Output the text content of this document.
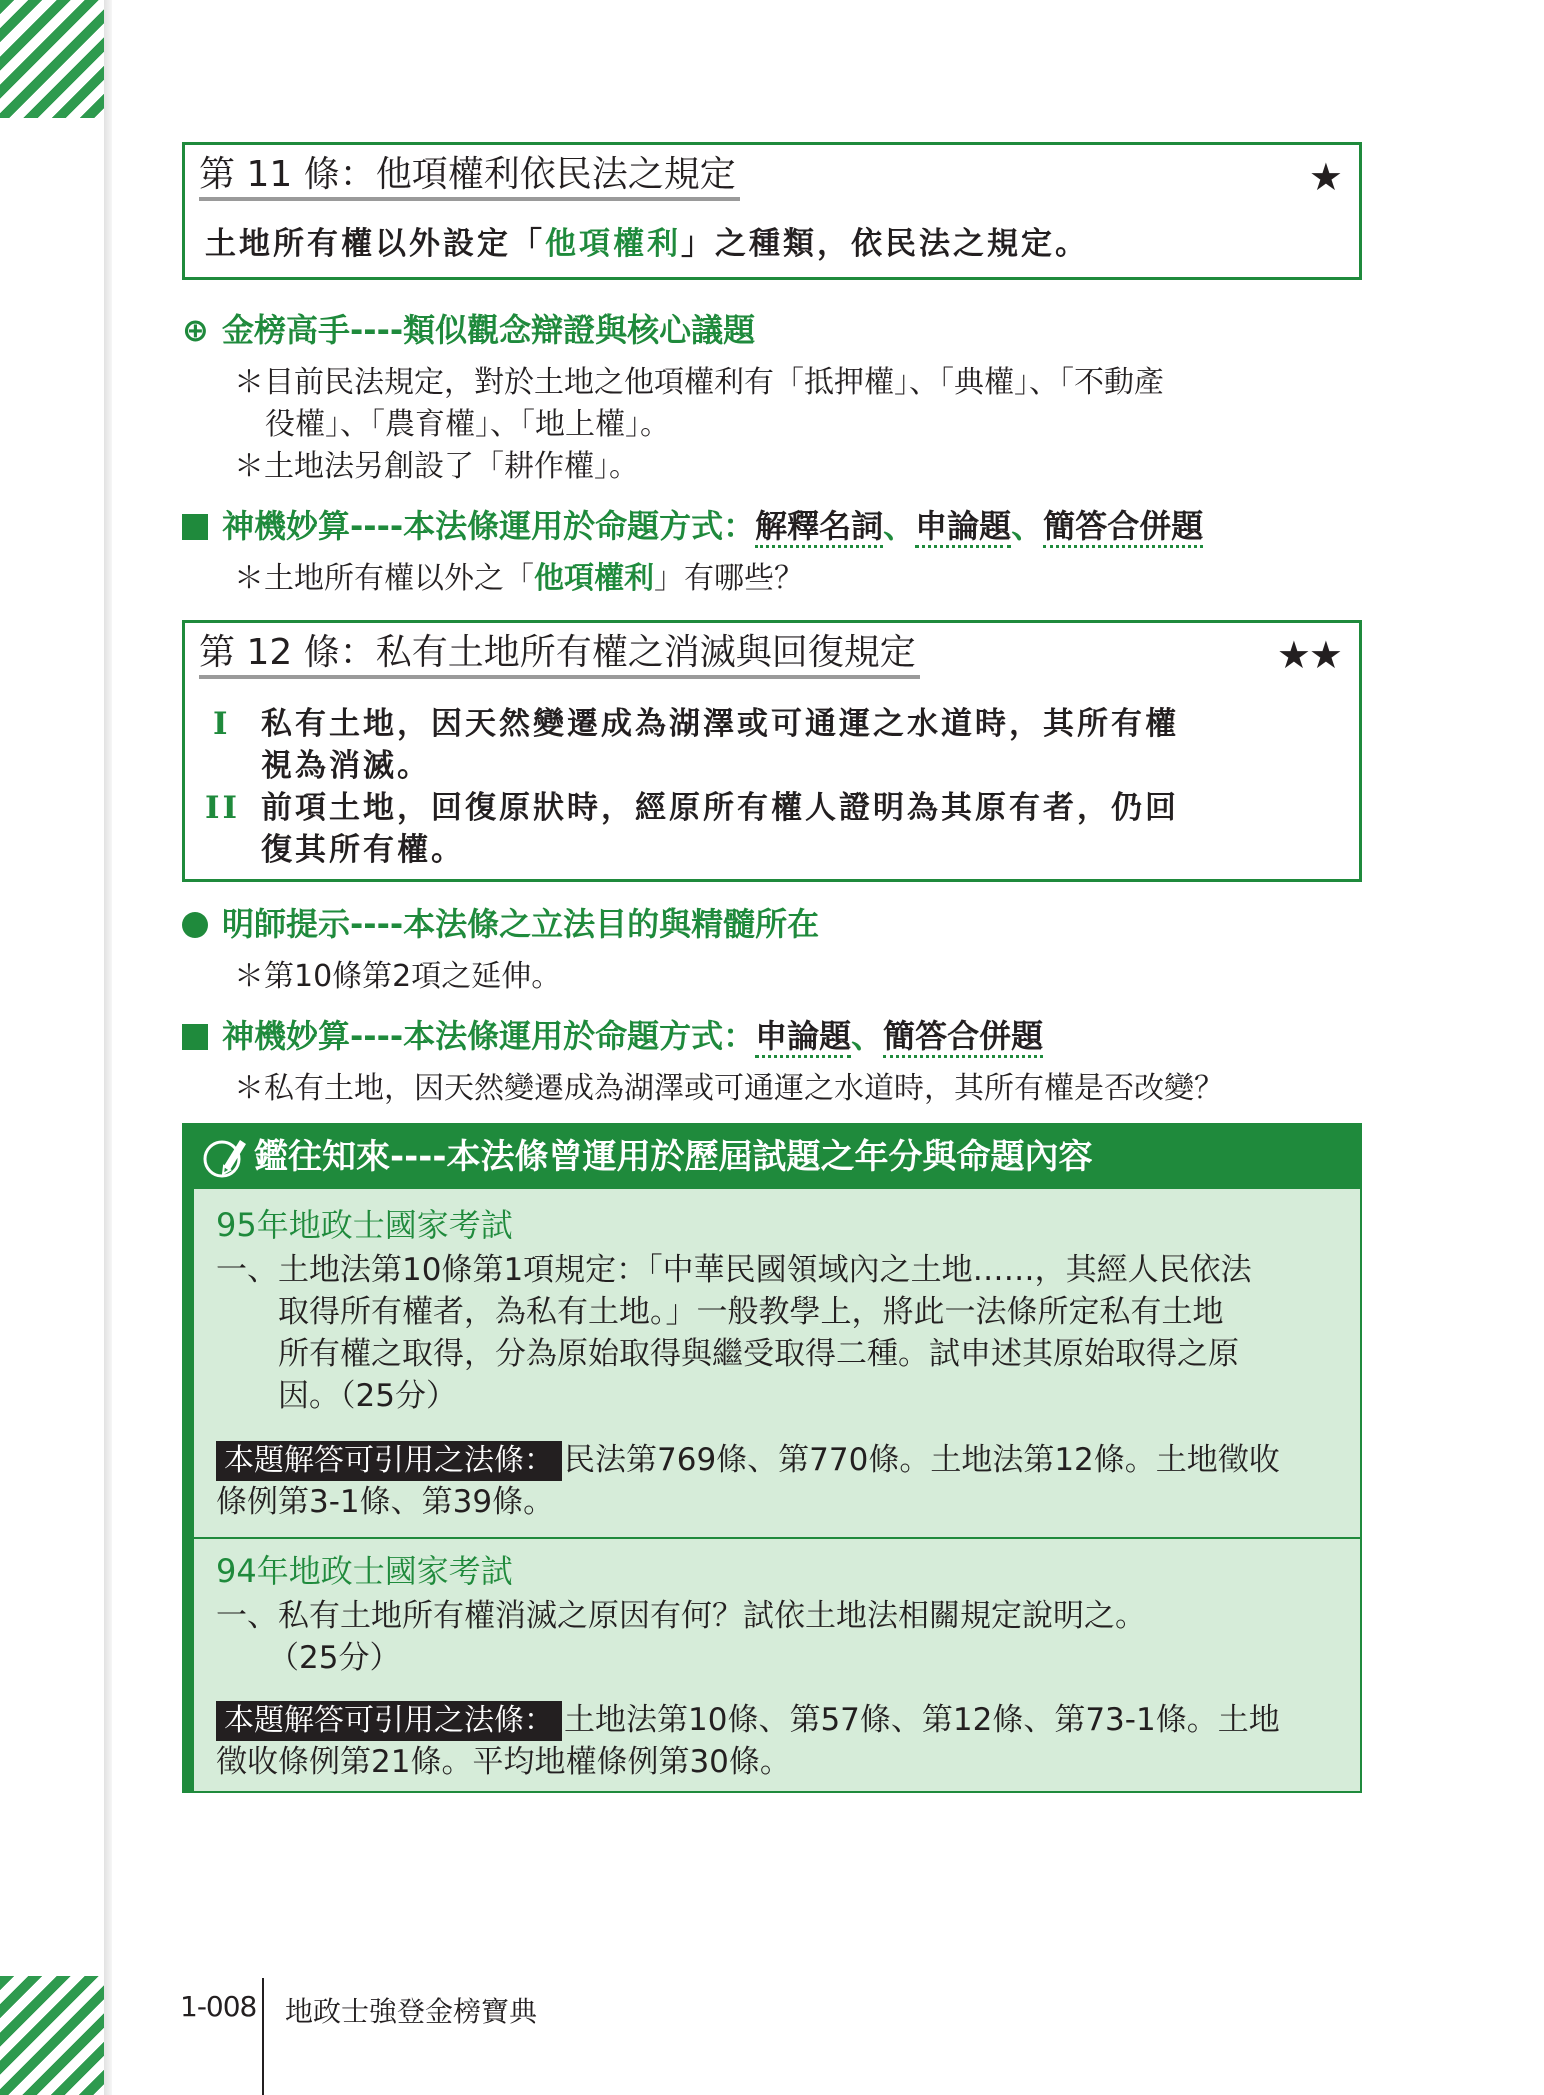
第 11 條：他項權利依民法之規定	★
土地所有權以外設定「他項權利」之種類，依民法之規定。
⊕ 金榜高手----類似觀念辯證與核心議題
＊目前民法規定，對於土地之他項權利有「抵押權」、「典權」、「不動產
役權」、「農育權」、「地上權」。
＊土地法另創設了「耕作權」。
神機妙算----本法條運用於命題方式：解釋名詞、申論題、簡答合併題
＊土地所有權以外之「他項權利」有哪些？
第 12 條：私有土地所有權之消滅與回復規定	★★
I 私有土地，因天然變遷成為湖澤或可通運之水道時，其所有權
視為消滅。
II 前項土地，回復原狀時，經原所有權人證明為其原有者，仍回
復其所有權。
明師提示----本法條之立法目的與精髓所在
＊第10條第2項之延伸。
神機妙算----本法條運用於命題方式：申論題、簡答合併題
＊私有土地，因天然變遷成為湖澤或可通運之水道時，其所有權是否改變？
鑑往知來----本法條曾運用於歷屆試題之年分與命題內容
95年地政士國家考試
一、土地法第10條第1項規定：「中華民國領域內之土地……，其經人民依法
取得所有權者，為私有土地。」一般教學上，將此一法條所定私有土地
所有權之取得，分為原始取得與繼受取得二種。試申述其原始取得之原
因。（25分）
本題解答可引用之法條： 民法第769條、第770條。土地法第12條。土地徵收
條例第3-1條、第39條。
94年地政士國家考試
一、私有土地所有權消滅之原因有何？試依土地法相關規定說明之。
（25分）
本題解答可引用之法條： 土地法第10條、第57條、第12條、第73-1條。土地
徵收條例第21條。平均地權條例第30條。
1-008 地政士強登金榜寶典
